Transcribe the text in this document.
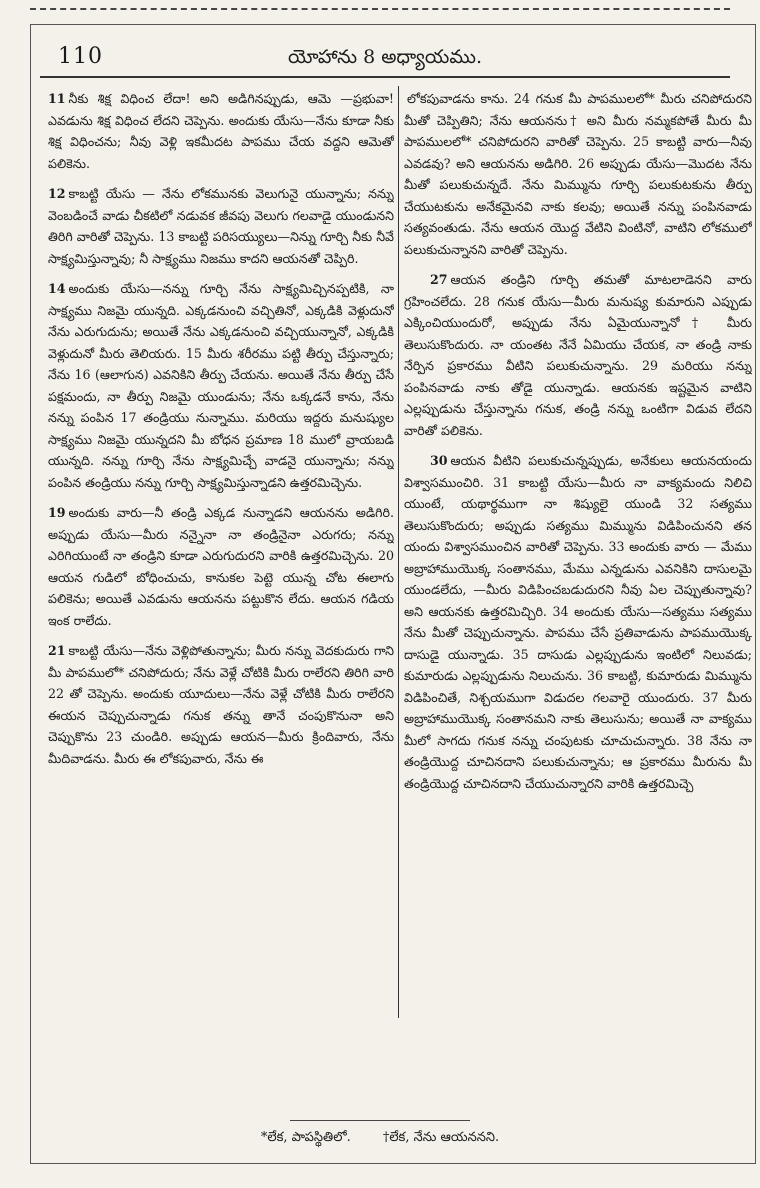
110	యోహాను 8 అధ్యాయము.

11 నీకు శిక్ష విధించ లేదా! అని అడిగినప్పుడు, ఆమె —ప్రభువా! ఎవడును శిక్ష విధించ లేదని చెప్పెను. అందుకు యేసు—నేను కూడా నీకు శిక్ష విధించను; నీవు వెళ్లి ఇకమీదట పాపము చేయ వద్దని ఆమెతో పలికెను.

12 కాబట్టి యేసు — నేను లోకమునకు వెలుగునై యున్నాను; నన్ను వెంబడించే వాడు చీకటిలో నడువక జీవపు వెలుగు గలవాడై యుండునని తిరిగి వారితో చెప్పెను. 13 కాబట్టి పరిసయ్యులు—నిన్ను గూర్చి నీకు నీవే సాక్ష్యమిస్తున్నావు; నీ సాక్ష్యము నిజము కాదని ఆయనతో చెప్పిరి.

14 అందుకు యేసు—నన్ను గూర్చి నేను సాక్ష్యమిచ్చినప్పటికి, నా సాక్ష్యము నిజమై యున్నది. ఎక్కడనుంచి వచ్చితినో, ఎక్కడికి వెళ్లుదునో నేను ఎరుగుదును; అయితే నేను ఎక్కడనుంచి వచ్చియున్నానో, ఎక్కడికి వెళ్లుదునో మీరు తెలియరు. 15 మీరు శరీరము పట్టి తీర్పు చేస్తున్నారు; నేను 16 (ఆలాగున) ఎవనికిని తీర్పు చేయను. అయితే నేను తీర్పు చేసే పక్షమందు, నా తీర్పు నిజమై యుండును; నేను ఒక్కడనే కాను, నేను నన్ను పంపిన 17 తండ్రియు నున్నాము. మరియు ఇద్దరు మనుష్యుల సాక్ష్యము నిజమై యున్నదని మీ బోధన ప్రమాణ 18 ములో వ్రాయబడి యున్నది. నన్ను గూర్చి నేను సాక్ష్యమిచ్చే వాడనై యున్నాను; నన్ను పంపిన తండ్రియు నన్ను గూర్చి సాక్ష్యమిస్తున్నాడని ఉత్తరమిచ్చెను.

19 అందుకు వారు—నీ తండ్రి ఎక్కడ నున్నాడని ఆయనను అడిగిరి. అప్పుడు యేసు—మీరు నన్నైనా నా తండ్రినైనా ఎరుగరు; నన్ను ఎరిగియుంటే నా తండ్రిని కూడా ఎరుగుదురని వారికి ఉత్తరమిచ్చెను. 20 ఆయన గుడిలో బోధించుచు, కానుకల పెట్టె యున్న చోట ఈలాగు పలికెను; అయితే ఎవడును ఆయనను పట్టుకొన లేదు. ఆయన గడియ ఇంక రాలేదు.

21 కాబట్టి యేసు—నేను వెళ్లిపోతున్నాను; మీరు నన్ను వెదకుదురు గాని మీ పాపములో* చనిపోదురు; నేను వెళ్లే చోటికి మీరు రాలేరని తిరిగి వారి 22 తో చెప్పెను. అందుకు యూదులు—నేను వెళ్లే చోటికి మీరు రాలేరని ఈయన చెప్పుచున్నాడు గనుక తన్ను తానే చంపుకొనునా అని చెప్పుకొను 23 చుండిరి. అప్పుడు ఆయన—మీరు క్రిందివారు, నేను మీదివాడను. మీరు ఈ లోకపువారు, నేను ఈ

లోకపువాడను కాను. 24 గనుక మీ పాపములలో* మీరు చనిపోదురని మీతో చెప్పితిని; నేను ఆయనను† అని మీరు నమ్మకపోతే మీరు మీ పాపములలో* చనిపోదురని వారితో చెప్పెను. 25 కాబట్టి వారు—నీవు ఎవడవు? అని ఆయనను అడిగిరి. 26 అప్పుడు యేసు—మొదట నేను మీతో పలుకుచున్నదే. నేను మిమ్మును గూర్చి పలుకుటకును తీర్పు చేయుటకును అనేకమైనవి నాకు కలవు; అయితే నన్ను పంపినవాడు సత్యవంతుడు. నేను ఆయన యొద్ద వేటిని వింటినో, వాటిని లోకములో పలుకుచున్నానని వారితో చెప్పెను.

27 ఆయన తండ్రిని గూర్చి తమతో మాటలాడెనని వారు గ్రహించలేదు. 28 గనుక యేసు—మీరు మనుష్య కుమారుని ఎప్పుడు ఎక్కించియుందురో, అప్పుడు నేను ఏమైయున్నానో† మీరు తెలుసుకొందురు. నా యంతట నేనే ఏమియు చేయక, నా తండ్రి నాకు నేర్పిన ప్రకారము వీటిని పలుకుచున్నాను. 29 మరియు నన్ను పంపినవాడు నాకు తోడై యున్నాడు. ఆయనకు ఇష్టమైన వాటిని ఎల్లప్పుడును చేస్తున్నాను గనుక, తండ్రి నన్ను ఒంటిగా విడువ లేదని వారితో పలికెను.

30 ఆయన వీటిని పలుకుచున్నప్పుడు, అనేకులు ఆయనయందు విశ్వాసముంచిరి. 31 కాబట్టి యేసు—మీరు నా వాక్యమందు నిలిచి యుంటే, యథార్థముగా నా శిష్యులై యుండి 32 సత్యము తెలుసుకొందురు; అప్పుడు సత్యము మిమ్మును విడిపించునని తన యందు విశ్వాసముంచిన వారితో చెప్పెను. 33 అందుకు వారు — మేము అబ్రాహాముయొక్క సంతానము, మేము ఎన్నడును ఎవనికిని దాసులమై యుండలేదు, —మీరు విడిపించబడుదురని నీవు ఏల చెప్పుతున్నావు? అని ఆయనకు ఉత్తరమిచ్చిరి. 34 అందుకు యేసు—సత్యము సత్యము నేను మీతో చెప్పుచున్నాను. పాపము చేసే ప్రతివాడును పాపముయొక్క దాసుడై యున్నాడు. 35 దాసుడు ఎల్లప్పుడును ఇంటిలో నిలువడు; కుమారుడు ఎల్లప్పుడును నిలుచును. 36 కాబట్టి, కుమారుడు మిమ్మును విడిపించితే, నిశ్చయముగా విడుదల గలవారై యుందురు. 37 మీరు అబ్రాహాముయొక్క సంతానమని నాకు తెలుసును; అయితే నా వాక్యము మీలో సాగదు గనుక నన్ను చంపుటకు చూచుచున్నారు. 38 నేను నా తండ్రియొద్ద చూచినదాని పలుకుచున్నాను; ఆ ప్రకారము మీరును మీ తండ్రియొద్ద చూచినదాని చేయుచున్నారని వారికి ఉత్తరమిచ్చె

*లేక, పాపస్థితిలో. †లేక, నేను ఆయననని.
